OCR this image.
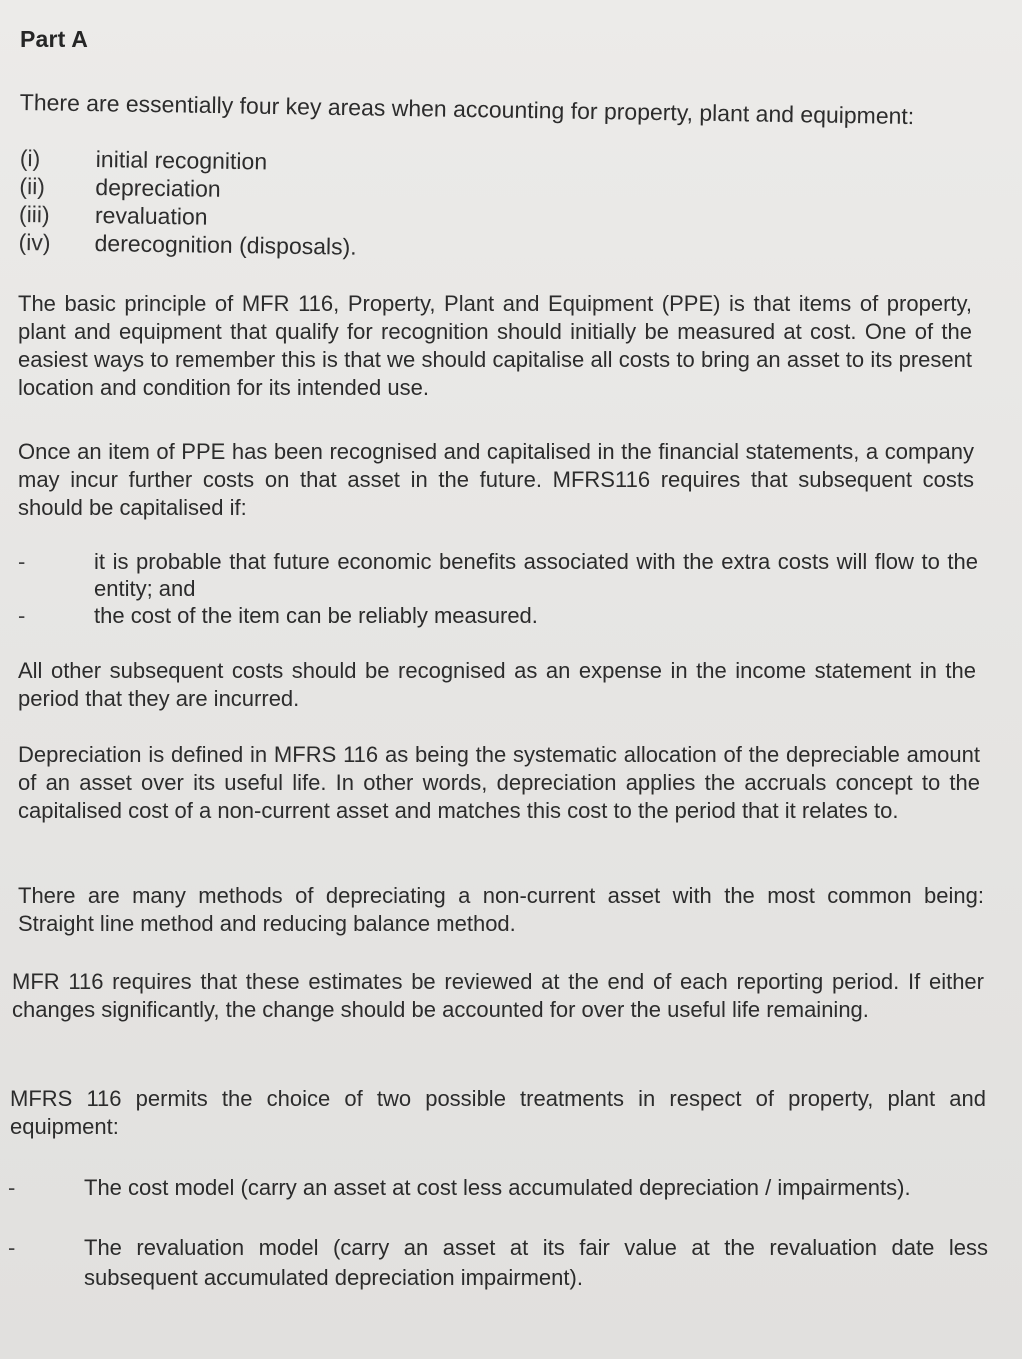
Part A
There are essentially four key areas when accounting for property, plant and equipment:
(i)	initial recognition
(ii)	depreciation
(iii)	revaluation
(iv)	derecognition (disposals).
The basic principle of MFR 116, Property, Plant and Equipment (PPE) is that items of property, plant and equipment that qualify for recognition should initially be measured at cost. One of the easiest ways to remember this is that we should capitalise all costs to bring an asset to its present location and condition for its intended use.
Once an item of PPE has been recognised and capitalised in the financial statements, a company may incur further costs on that asset in the future. MFRS116 requires that subsequent costs should be capitalised if:
-	it is probable that future economic benefits associated with the extra costs will flow to the entity; and
-	the cost of the item can be reliably measured.
All other subsequent costs should be recognised as an expense in the income statement in the period that they are incurred.
Depreciation is defined in MFRS 116 as being the systematic allocation of the depreciable amount of an asset over its useful life. In other words, depreciation applies the accruals concept to the capitalised cost of a non-current asset and matches this cost to the period that it relates to.
There are many methods of depreciating a non-current asset with the most common being: Straight line method and reducing balance method.
MFR 116 requires that these estimates be reviewed at the end of each reporting period. If either changes significantly, the change should be accounted for over the useful life remaining.
MFRS 116 permits the choice of two possible treatments in respect of property, plant and equipment:
-	The cost model (carry an asset at cost less accumulated depreciation / impairments).
-	The revaluation model (carry an asset at its fair value at the revaluation date less subsequent accumulated depreciation impairment).
